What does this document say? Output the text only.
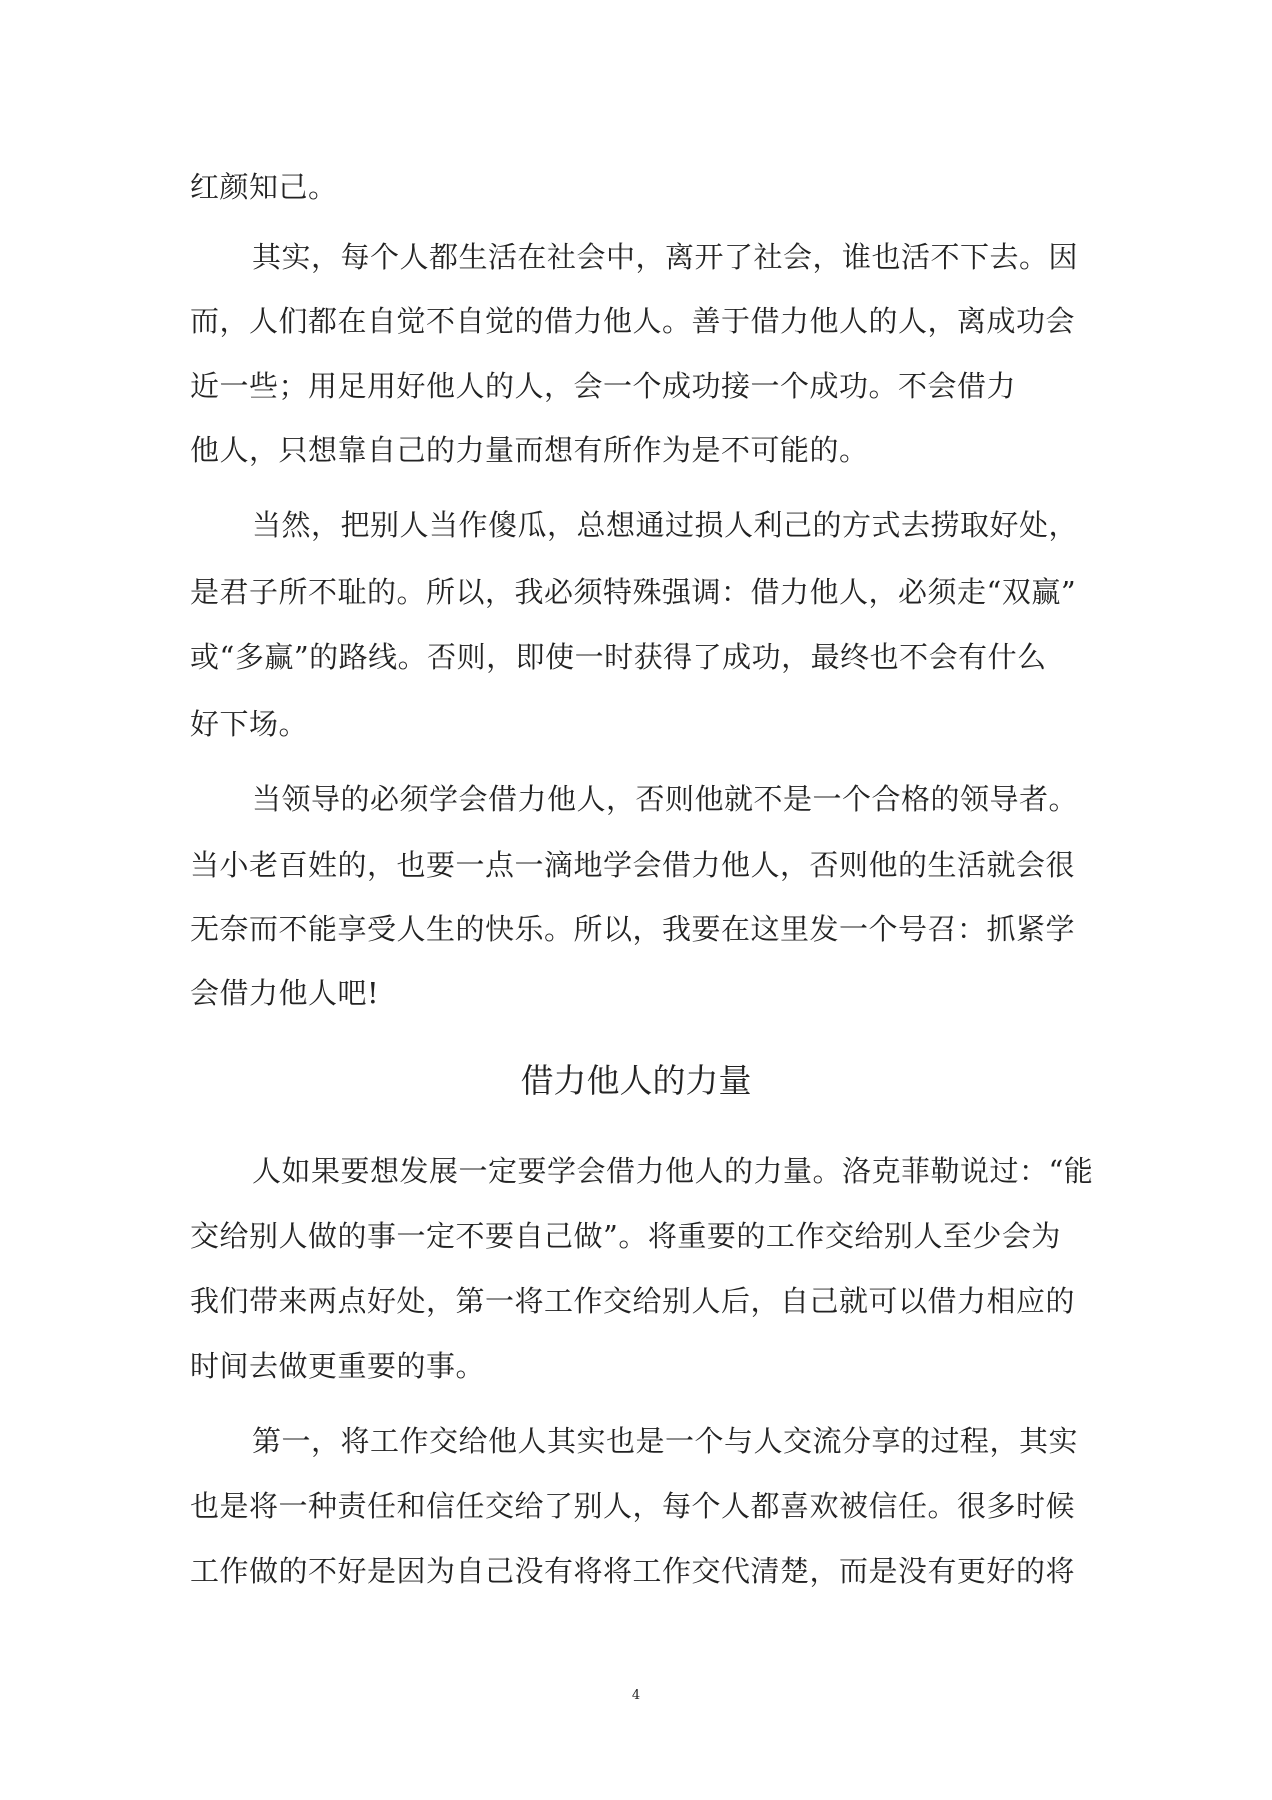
红颜知己。
其实，每个人都生活在社会中，离开了社会，谁也活不下去。因
而，人们都在自觉不自觉的借力他人。善于借力他人的人，离成功会
近一些；用足用好他人的人，会一个成功接一个成功。不会借力
他人，只想靠自己的力量而想有所作为是不可能的。
当然，把别人当作傻瓜，总想通过损人利己的方式去捞取好处，
是君子所不耻的。所以，我必须特殊强调：借力他人，必须走“双赢”
或“多赢”的路线。否则，即使一时获得了成功，最终也不会有什么
好下场。
当领导的必须学会借力他人，否则他就不是一个合格的领导者。
当小老百姓的，也要一点一滴地学会借力他人，否则他的生活就会很
无奈而不能享受人生的快乐。所以，我要在这里发一个号召：抓紧学
会借力他人吧!
借力他人的力量
人如果要想发展一定要学会借力他人的力量。洛克菲勒说过：“能
交给别人做的事一定不要自己做”。将重要的工作交给别人至少会为
我们带来两点好处，第一将工作交给别人后，自己就可以借力相应的
时间去做更重要的事。
第一，将工作交给他人其实也是一个与人交流分享的过程，其实
也是将一种责任和信任交给了别人，每个人都喜欢被信任。很多时候
工作做的不好是因为自己没有将将工作交代清楚，而是没有更好的将
4
